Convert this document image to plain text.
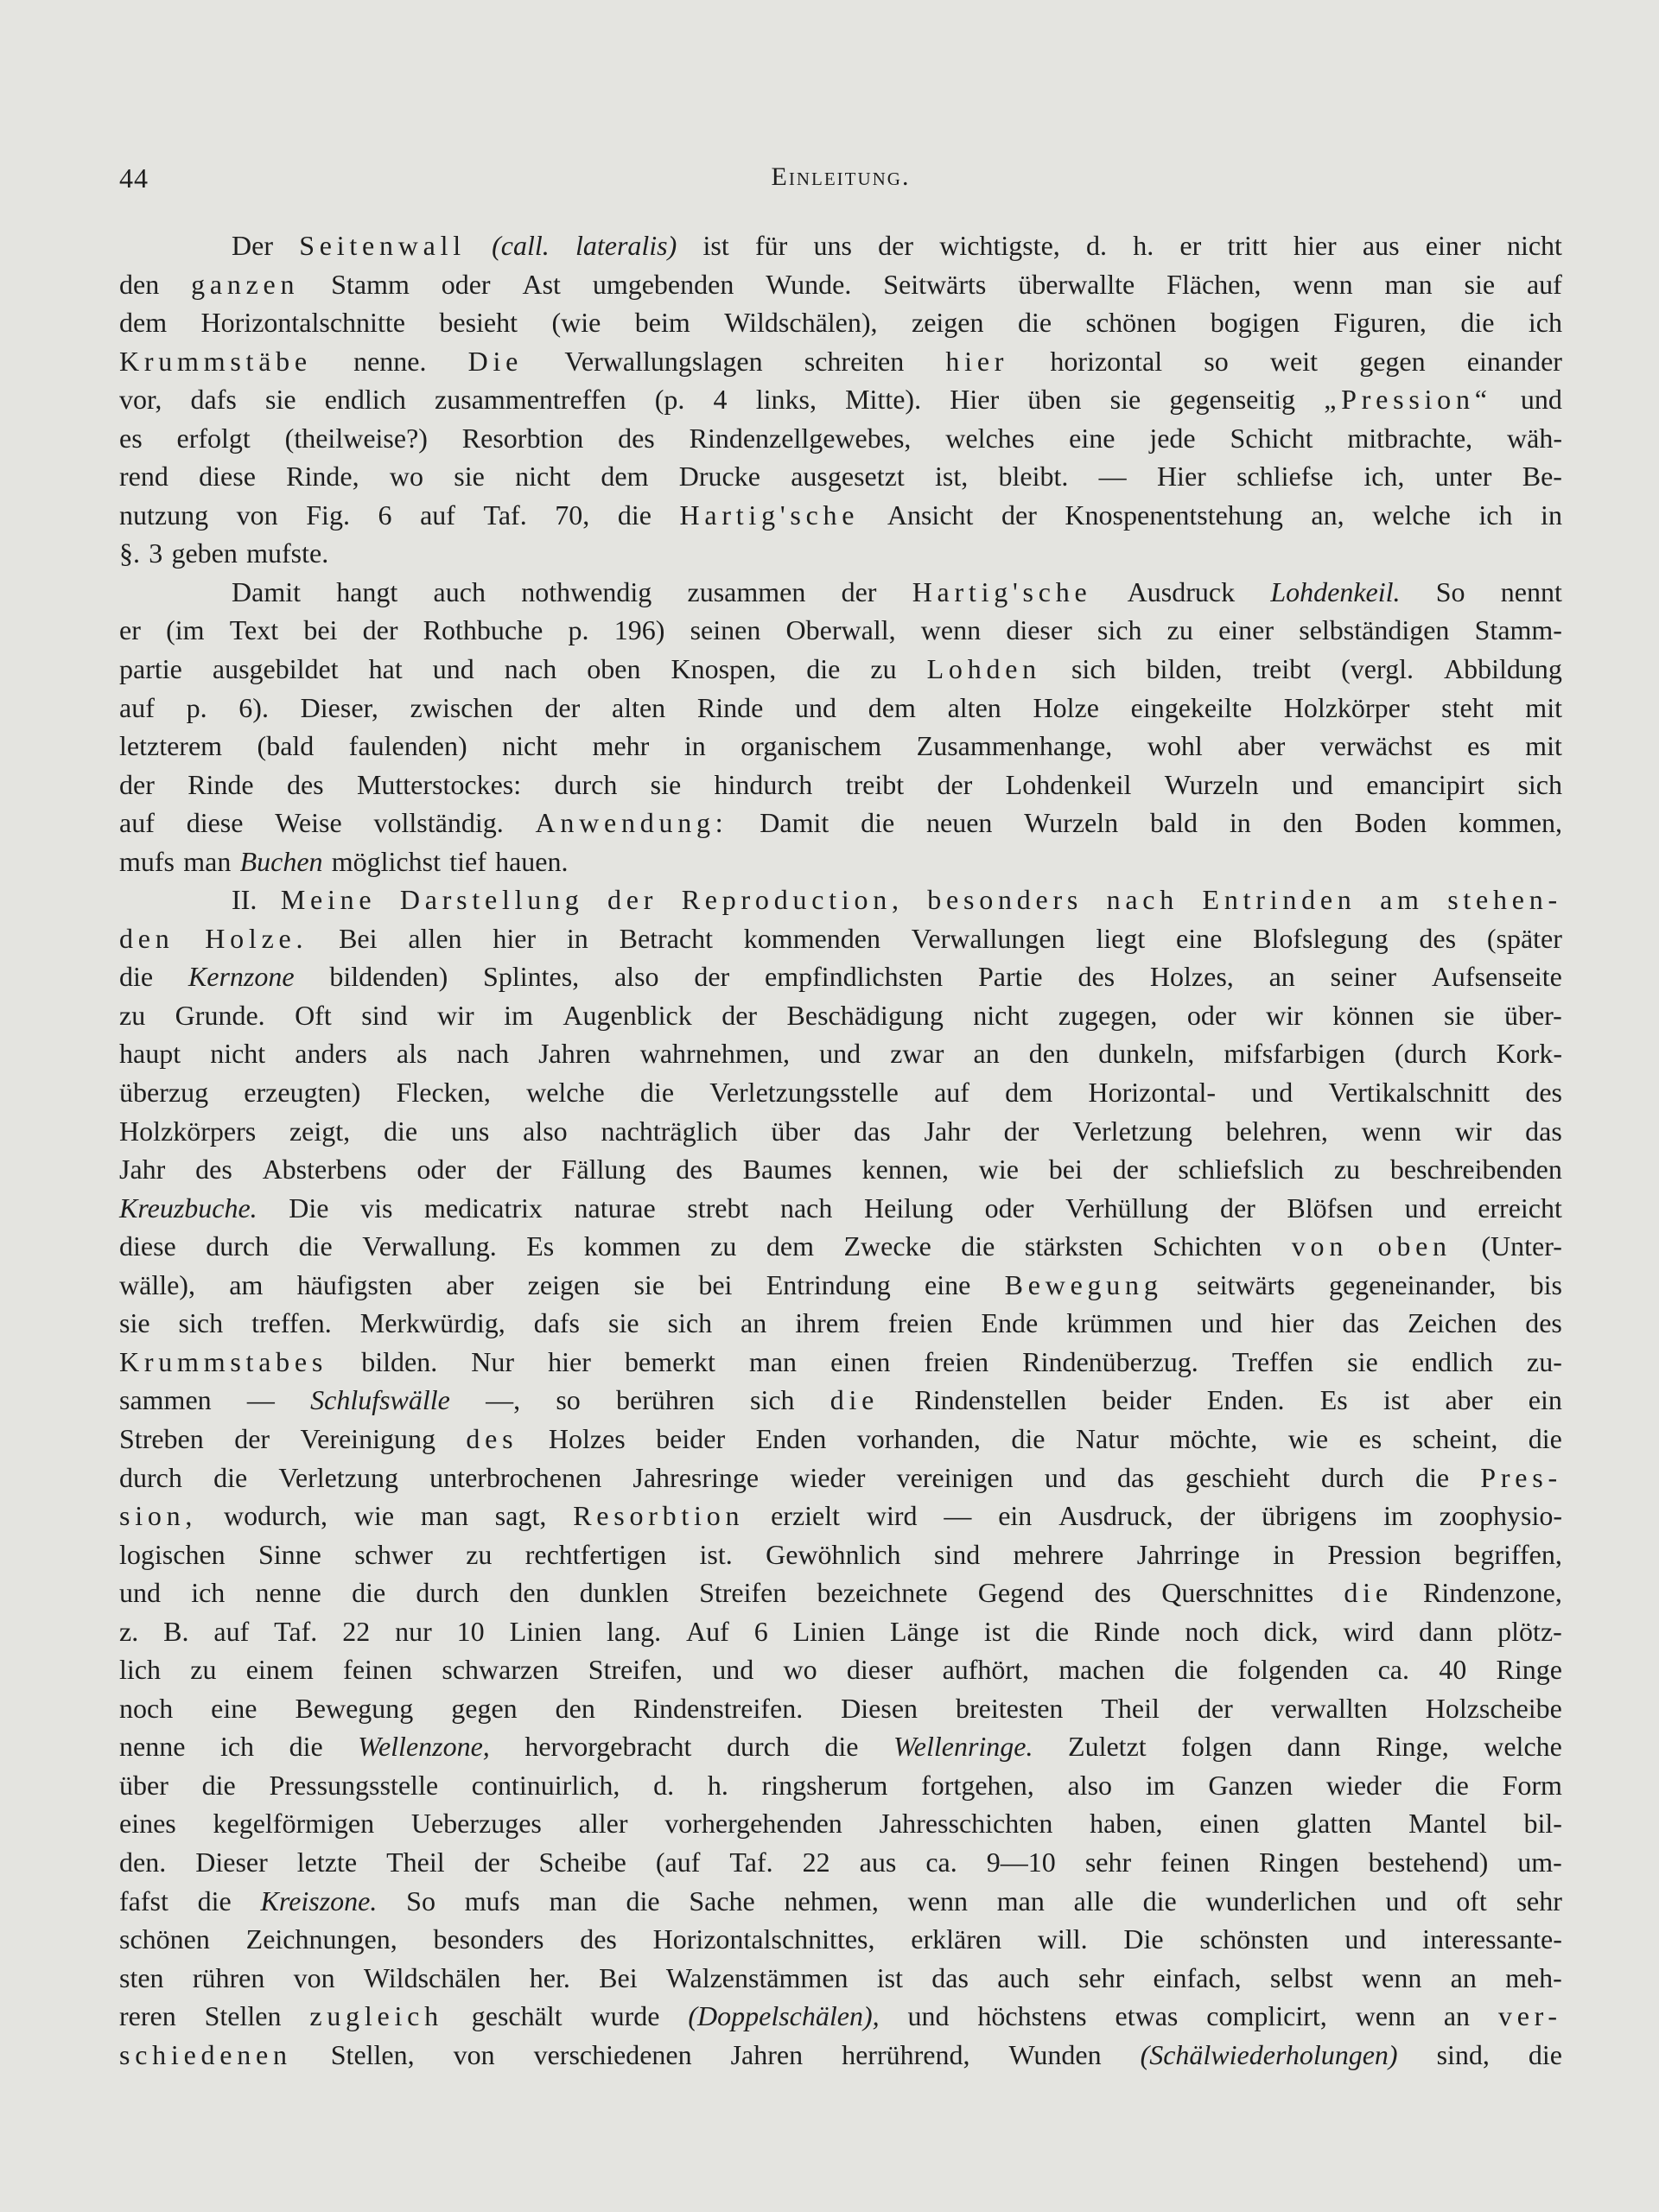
44	Einleitung.
Der Seitenwall (call. lateralis) ist für uns der wichtigste, d. h. er tritt hier aus einer nicht
den ganzen Stamm oder Ast umgebenden Wunde. Seitwärts überwallte Flächen, wenn man sie auf
dem Horizontalschnitte besieht (wie beim Wildschälen), zeigen die schönen bogigen Figuren, die ich
Krummstäbe nenne. Die Verwallungslagen schreiten hier horizontal so weit gegen einander
vor, dafs sie endlich zusammentreffen (p. 4 links, Mitte). Hier üben sie gegenseitig „Pression“ und
es erfolgt (theilweise?) Resorbtion des Rindenzellgewebes, welches eine jede Schicht mitbrachte, wäh-
rend diese Rinde, wo sie nicht dem Drucke ausgesetzt ist, bleibt. — Hier schliefse ich, unter Be-
nutzung von Fig. 6 auf Taf. 70, die Hartig'sche Ansicht der Knospenentstehung an, welche ich in
§. 3 geben mufste.
Damit hangt auch nothwendig zusammen der Hartig'sche Ausdruck Lohdenkeil. So nennt
er (im Text bei der Rothbuche p. 196) seinen Oberwall, wenn dieser sich zu einer selbständigen Stamm-
partie ausgebildet hat und nach oben Knospen, die zu Lohden sich bilden, treibt (vergl. Abbildung
auf p. 6). Dieser, zwischen der alten Rinde und dem alten Holze eingekeilte Holzkörper steht mit
letzterem (bald faulenden) nicht mehr in organischem Zusammenhange, wohl aber verwächst es mit
der Rinde des Mutterstockes: durch sie hindurch treibt der Lohdenkeil Wurzeln und emancipirt sich
auf diese Weise vollständig. Anwendung: Damit die neuen Wurzeln bald in den Boden kommen,
mufs man Buchen möglichst tief hauen.
II. Meine Darstellung der Reproduction, besonders nach Entrinden am stehen-
den Holze. Bei allen hier in Betracht kommenden Verwallungen liegt eine Blofslegung des (später
die Kernzone bildenden) Splintes, also der empfindlichsten Partie des Holzes, an seiner Aufsenseite
zu Grunde. Oft sind wir im Augenblick der Beschädigung nicht zugegen, oder wir können sie über-
haupt nicht anders als nach Jahren wahrnehmen, und zwar an den dunkeln, mifsfarbigen (durch Kork-
überzug erzeugten) Flecken, welche die Verletzungsstelle auf dem Horizontal- und Vertikalschnitt des
Holzkörpers zeigt, die uns also nachträglich über das Jahr der Verletzung belehren, wenn wir das
Jahr des Absterbens oder der Fällung des Baumes kennen, wie bei der schliefslich zu beschreibenden
Kreuzbuche. Die vis medicatrix naturae strebt nach Heilung oder Verhüllung der Blöfsen und erreicht
diese durch die Verwallung. Es kommen zu dem Zwecke die stärksten Schichten von oben (Unter-
wälle), am häufigsten aber zeigen sie bei Entrindung eine Bewegung seitwärts gegeneinander, bis
sie sich treffen. Merkwürdig, dafs sie sich an ihrem freien Ende krümmen und hier das Zeichen des
Krummstabes bilden. Nur hier bemerkt man einen freien Rindenüberzug. Treffen sie endlich zu-
sammen — Schlufswälle —, so berühren sich die Rindenstellen beider Enden. Es ist aber ein
Streben der Vereinigung des Holzes beider Enden vorhanden, die Natur möchte, wie es scheint, die
durch die Verletzung unterbrochenen Jahresringe wieder vereinigen und das geschieht durch die Pres-
sion, wodurch, wie man sagt, Resorbtion erzielt wird — ein Ausdruck, der übrigens im zoophysio-
logischen Sinne schwer zu rechtfertigen ist. Gewöhnlich sind mehrere Jahrringe in Pression begriffen,
und ich nenne die durch den dunklen Streifen bezeichnete Gegend des Querschnittes die Rindenzone,
z. B. auf Taf. 22 nur 10 Linien lang. Auf 6 Linien Länge ist die Rinde noch dick, wird dann plötz-
lich zu einem feinen schwarzen Streifen, und wo dieser aufhört, machen die folgenden ca. 40 Ringe
noch eine Bewegung gegen den Rindenstreifen. Diesen breitesten Theil der verwallten Holzscheibe
nenne ich die Wellenzone, hervorgebracht durch die Wellenringe. Zuletzt folgen dann Ringe, welche
über die Pressungsstelle continuirlich, d. h. ringsherum fortgehen, also im Ganzen wieder die Form
eines kegelförmigen Ueberzuges aller vorhergehenden Jahresschichten haben, einen glatten Mantel bil-
den. Dieser letzte Theil der Scheibe (auf Taf. 22 aus ca. 9—10 sehr feinen Ringen bestehend) um-
fafst die Kreiszone. So mufs man die Sache nehmen, wenn man alle die wunderlichen und oft sehr
schönen Zeichnungen, besonders des Horizontalschnittes, erklären will. Die schönsten und interessante-
sten rühren von Wildschälen her. Bei Walzenstämmen ist das auch sehr einfach, selbst wenn an meh-
reren Stellen zugleich geschält wurde (Doppelschälen), und höchstens etwas complicirt, wenn an ver-
schiedenen Stellen, von verschiedenen Jahren herrührend, Wunden (Schälwiederholungen) sind, die
